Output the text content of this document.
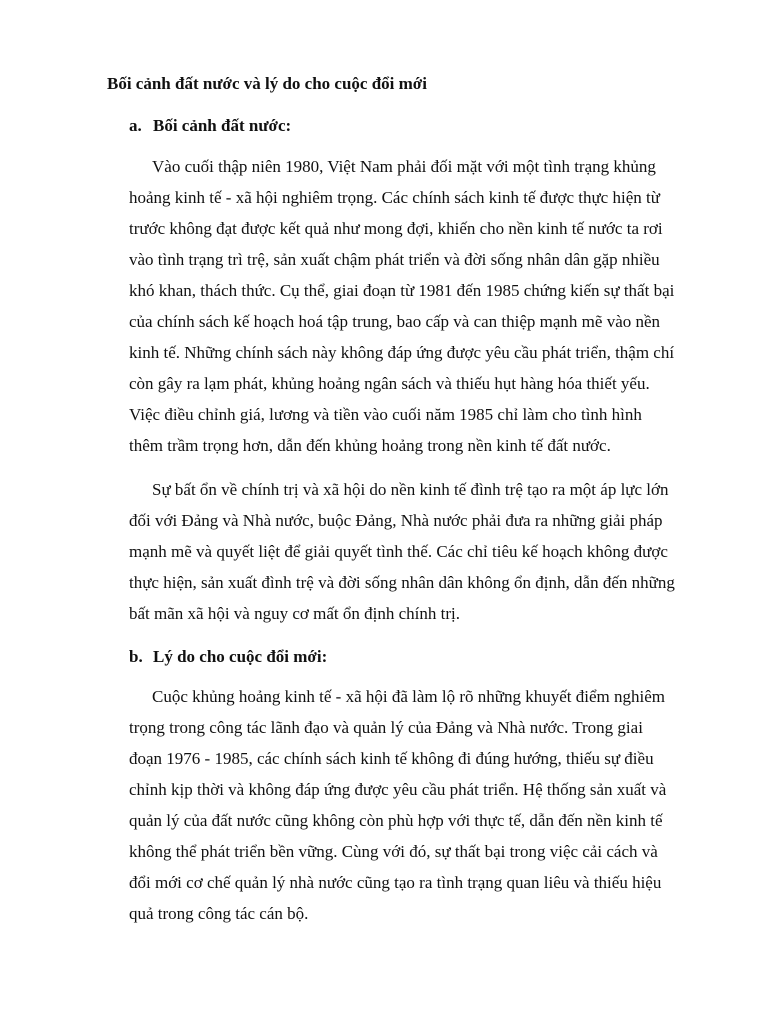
Bối cảnh đất nước và lý do cho cuộc đổi mới
a. Bối cảnh đất nước:
Vào cuối thập niên 1980, Việt Nam phải đối mặt với một tình trạng khủng
hoảng kinh tế - xã hội nghiêm trọng. Các chính sách kinh tế được thực hiện từ
trước không đạt được kết quả như mong đợi, khiến cho nền kinh tế nước ta rơi
vào tình trạng trì trệ, sản xuất chậm phát triển và đời sống nhân dân gặp nhiều
khó khan, thách thức. Cụ thể, giai đoạn từ 1981 đến 1985 chứng kiến sự thất bại
của chính sách kế hoạch hoá tập trung, bao cấp và can thiệp mạnh mẽ vào nền
kinh tế. Những chính sách này không đáp ứng được yêu cầu phát triển, thậm chí
còn gây ra lạm phát, khủng hoảng ngân sách và thiếu hụt hàng hóa thiết yếu.
Việc điều chỉnh giá, lương và tiền vào cuối năm 1985 chỉ làm cho tình hình
thêm trầm trọng hơn, dẫn đến khủng hoảng trong nền kinh tế đất nước.
Sự bất ổn về chính trị và xã hội do nền kinh tế đình trệ tạo ra một áp lực lớn
đối với Đảng và Nhà nước, buộc Đảng, Nhà nước phải đưa ra những giải pháp
mạnh mẽ và quyết liệt để giải quyết tình thế. Các chỉ tiêu kế hoạch không được
thực hiện, sản xuất đình trệ và đời sống nhân dân không ổn định, dẫn đến những
bất mãn xã hội và nguy cơ mất ổn định chính trị.
b. Lý do cho cuộc đổi mới:
Cuộc khủng hoảng kinh tế - xã hội đã làm lộ rõ những khuyết điểm nghiêm
trọng trong công tác lãnh đạo và quản lý của Đảng và Nhà nước. Trong giai
đoạn 1976 - 1985, các chính sách kinh tế không đi đúng hướng, thiếu sự điều
chỉnh kịp thời và không đáp ứng được yêu cầu phát triển. Hệ thống sản xuất và
quản lý của đất nước cũng không còn phù hợp với thực tế, dẫn đến nền kinh tế
không thể phát triển bền vững. Cùng với đó, sự thất bại trong việc cải cách và
đổi mới cơ chế quản lý nhà nước cũng tạo ra tình trạng quan liêu và thiếu hiệu
quả trong công tác cán bộ.
